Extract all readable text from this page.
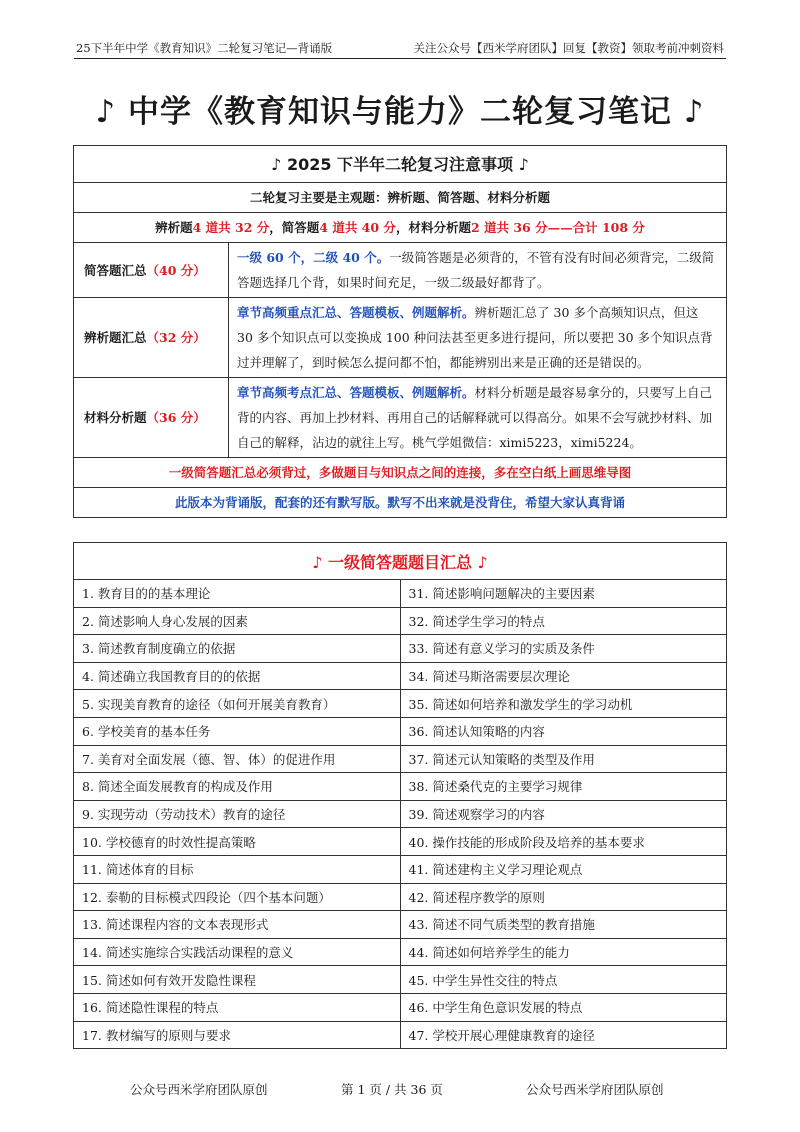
25下半年中学《教育知识》二轮复习笔记—背诵版	关注公众号【西米学府团队】回复【教资】领取考前冲刺资料
♪ 中学《教育知识与能力》二轮复习笔记 ♪
♪ 2025 下半年二轮复习注意事项 ♪	
二轮复习主要是主观题：辨析题、简答题、材料分析题	
辨析题4 道共 32 分，简答题4 道共 40 分，材料分析题2 道共 36 分——合计 108 分	
简答题汇总（40 分）	一级 60 个，二级 40 个。一级简答题是必须背的，不管有没有时间必须背完，二级简答题选择几个背，如果时间充足，一级二级最好都背了。
辨析题汇总（32 分）	章节高频重点汇总、答题模板、例题解析。辨析题汇总了 30 多个高频知识点，但这 30 多个知识点可以变换成 100 种问法甚至更多进行提问，所以要把 30 多个知识点背过并理解了，到时候怎么提问都不怕，都能辨别出来是正确的还是错误的。
材料分析题（36 分）	章节高频考点汇总、答题模板、例题解析。材料分析题是最容易拿分的，只要写上自己背的内容、再加上抄材料、再用自己的话解释就可以得高分。如果不会写就抄材料、加自己的解释，沾边的就往上写。桃气学姐微信：ximi5223，ximi5224。
一级简答题汇总必须背过，多做题目与知识点之间的连接，多在空白纸上画思维导图	
此版本为背诵版，配套的还有默写版。默写不出来就是没背住，希望大家认真背诵	
♪ 一级简答题题目汇总 ♪	
1. 教育目的的基本理论	31. 简述影响问题解决的主要因素
2. 简述影响人身心发展的因素	32. 简述学生学习的特点
3. 简述教育制度确立的依据	33. 简述有意义学习的实质及条件
4. 简述确立我国教育目的的依据	34. 简述马斯洛需要层次理论
5. 实现美育教育的途径（如何开展美育教育）	35. 简述如何培养和激发学生的学习动机
6. 学校美育的基本任务	36. 简述认知策略的内容
7. 美育对全面发展（德、智、体）的促进作用	37. 简述元认知策略的类型及作用
8. 简述全面发展教育的构成及作用	38. 简述桑代克的主要学习规律
9. 实现劳动（劳动技术）教育的途径	39. 简述观察学习的内容
10. 学校德育的时效性提高策略	40. 操作技能的形成阶段及培养的基本要求
11. 简述体育的目标	41. 简述建构主义学习理论观点
12. 泰勒的目标模式四段论（四个基本问题）	42. 简述程序教学的原则
13. 简述课程内容的文本表现形式	43. 简述不同气质类型的教育措施
14. 简述实施综合实践活动课程的意义	44. 简述如何培养学生的能力
15. 简述如何有效开发隐性课程	45. 中学生异性交往的特点
16. 简述隐性课程的特点	46. 中学生角色意识发展的特点
17. 教材编写的原则与要求	47. 学校开展心理健康教育的途径
公众号西米学府团队原创	第 1 页 / 共 36 页	公众号西米学府团队原创
